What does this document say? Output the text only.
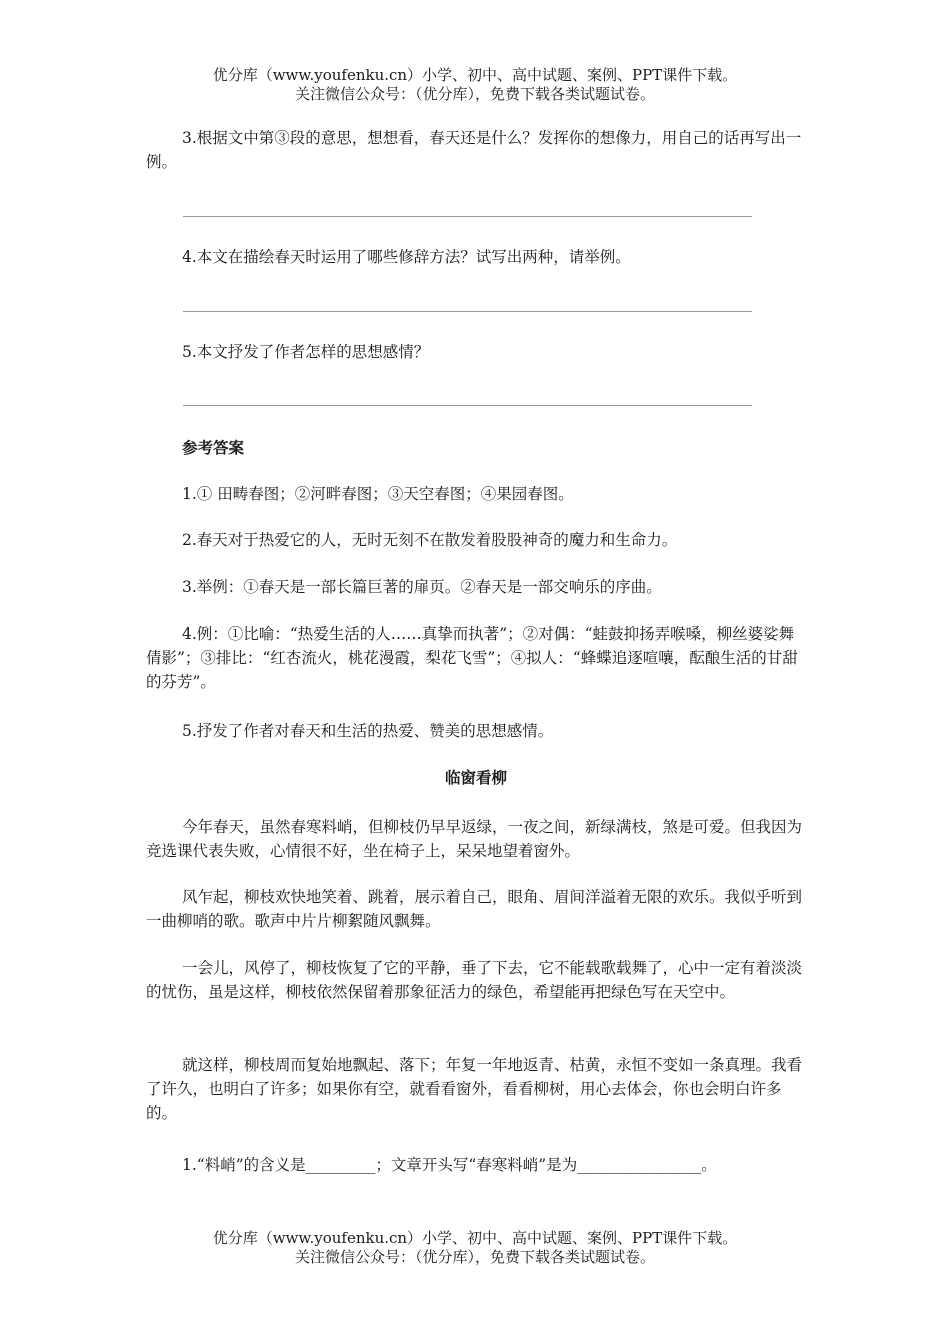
优分库（www.youfenku.cn）小学、初中、高中试题、案例、PPT课件下载。
关注微信公众号：（优分库），免费下载各类试题试卷。

3.根据文中第③段的意思，想想看，春天还是什么？发挥你的想像力，用自己的话再写出一例。

4.本文在描绘春天时运用了哪些修辞方法？试写出两种，请举例。

5.本文抒发了作者怎样的思想感情？

参考答案

1.① 田畴春图；②河畔春图；③天空春图；④果园春图。

2.春天对于热爱它的人，无时无刻不在散发着股股神奇的魔力和生命力。

3.举例：①春天是一部长篇巨著的扉页。②春天是一部交响乐的序曲。

4.例：①比喻：“热爱生活的人……真挚而执著”；②对偶：“蛙鼓抑扬弄喉嗓，柳丝婆娑舞倩影”；③排比：“红杏流火，桃花漫霞，梨花飞雪”；④拟人：“蜂蝶追逐喧嚷，酝酿生活的甘甜的芬芳”。

5.抒发了作者对春天和生活的热爱、赞美的思想感情。

临窗看柳

今年春天，虽然春寒料峭，但柳枝仍早早返绿，一夜之间，新绿满枝，煞是可爱。但我因为竞选课代表失败，心情很不好，坐在椅子上，呆呆地望着窗外。

风乍起，柳枝欢快地笑着、跳着，展示着自己，眼角、眉间洋溢着无限的欢乐。我似乎听到一曲柳哨的歌。歌声中片片柳絮随风飘舞。

一会儿，风停了，柳枝恢复了它的平静，垂了下去，它不能载歌载舞了，心中一定有着淡淡的忧伤，虽是这样，柳枝依然保留着那象征活力的绿色，希望能再把绿色写在天空中。

就这样，柳枝周而复始地飘起、落下；年复一年地返青、枯黄，永恒不变如一条真理。我看了许久，也明白了许多；如果你有空，就看看窗外，看看柳树，用心去体会，你也会明白许多的。

1.“料峭”的含义是_________；文章开头写“春寒料峭”是为________________。

优分库（www.youfenku.cn）小学、初中、高中试题、案例、PPT课件下载。
关注微信公众号：（优分库），免费下载各类试题试卷。
